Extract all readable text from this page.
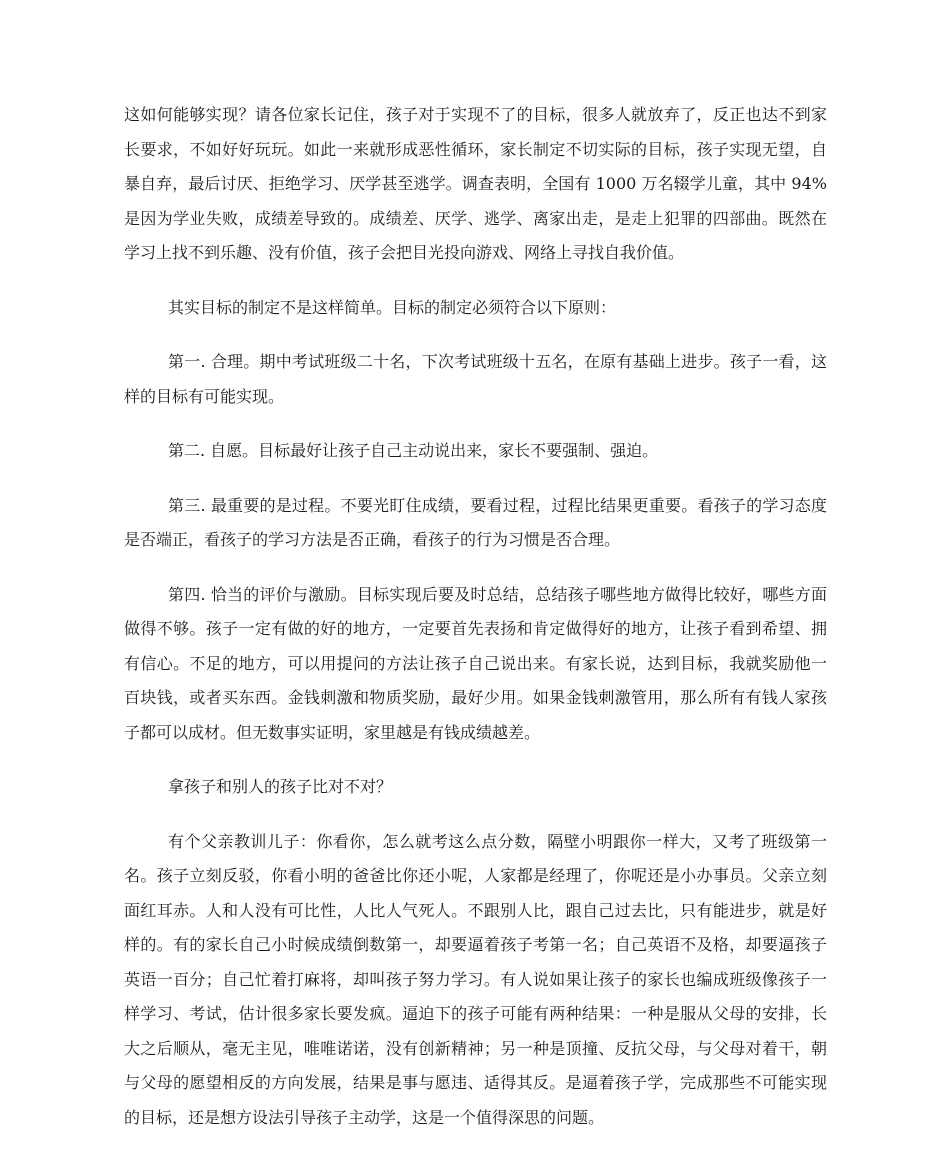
这如何能够实现？请各位家长记住，孩子对于实现不了的目标，很多人就放弃了，反正也达不到家长要求，不如好好玩玩。如此一来就形成恶性循环，家长制定不切实际的目标，孩子实现无望，自暴自弃，最后讨厌、拒绝学习、厌学甚至逃学。调查表明，全国有 1000 万名辍学儿童，其中 94%是因为学业失败，成绩差导致的。成绩差、厌学、逃学、离家出走，是走上犯罪的四部曲。既然在学习上找不到乐趣、没有价值，孩子会把目光投向游戏、网络上寻找自我价值。

其实目标的制定不是这样简单。目标的制定必须符合以下原则：

第一. 合理。期中考试班级二十名，下次考试班级十五名，在原有基础上进步。孩子一看，这样的目标有可能实现。

第二. 自愿。目标最好让孩子自己主动说出来，家长不要强制、强迫。

第三. 最重要的是过程。不要光盯住成绩，要看过程，过程比结果更重要。看孩子的学习态度是否端正，看孩子的学习方法是否正确，看孩子的行为习惯是否合理。

第四. 恰当的评价与激励。目标实现后要及时总结，总结孩子哪些地方做得比较好，哪些方面做得不够。孩子一定有做的好的地方，一定要首先表扬和肯定做得好的地方，让孩子看到希望、拥有信心。不足的地方，可以用提问的方法让孩子自己说出来。有家长说，达到目标，我就奖励他一百块钱，或者买东西。金钱刺激和物质奖励，最好少用。如果金钱刺激管用，那么所有有钱人家孩子都可以成材。但无数事实证明，家里越是有钱成绩越差。

拿孩子和别人的孩子比对不对？

有个父亲教训儿子：你看你，怎么就考这么点分数，隔壁小明跟你一样大，又考了班级第一名。孩子立刻反驳，你看小明的爸爸比你还小呢，人家都是经理了，你呢还是小办事员。父亲立刻面红耳赤。人和人没有可比性，人比人气死人。不跟别人比，跟自己过去比，只有能进步，就是好样的。有的家长自己小时候成绩倒数第一，却要逼着孩子考第一名；自己英语不及格，却要逼孩子英语一百分；自己忙着打麻将，却叫孩子努力学习。有人说如果让孩子的家长也编成班级像孩子一样学习、考试，估计很多家长要发疯。逼迫下的孩子可能有两种结果：一种是服从父母的安排，长大之后顺从，毫无主见，唯唯诺诺，没有创新精神；另一种是顶撞、反抗父母，与父母对着干，朝与父母的愿望相反的方向发展，结果是事与愿违、适得其反。是逼着孩子学，完成那些不可能实现的目标，还是想方设法引导孩子主动学，这是一个值得深思的问题。
